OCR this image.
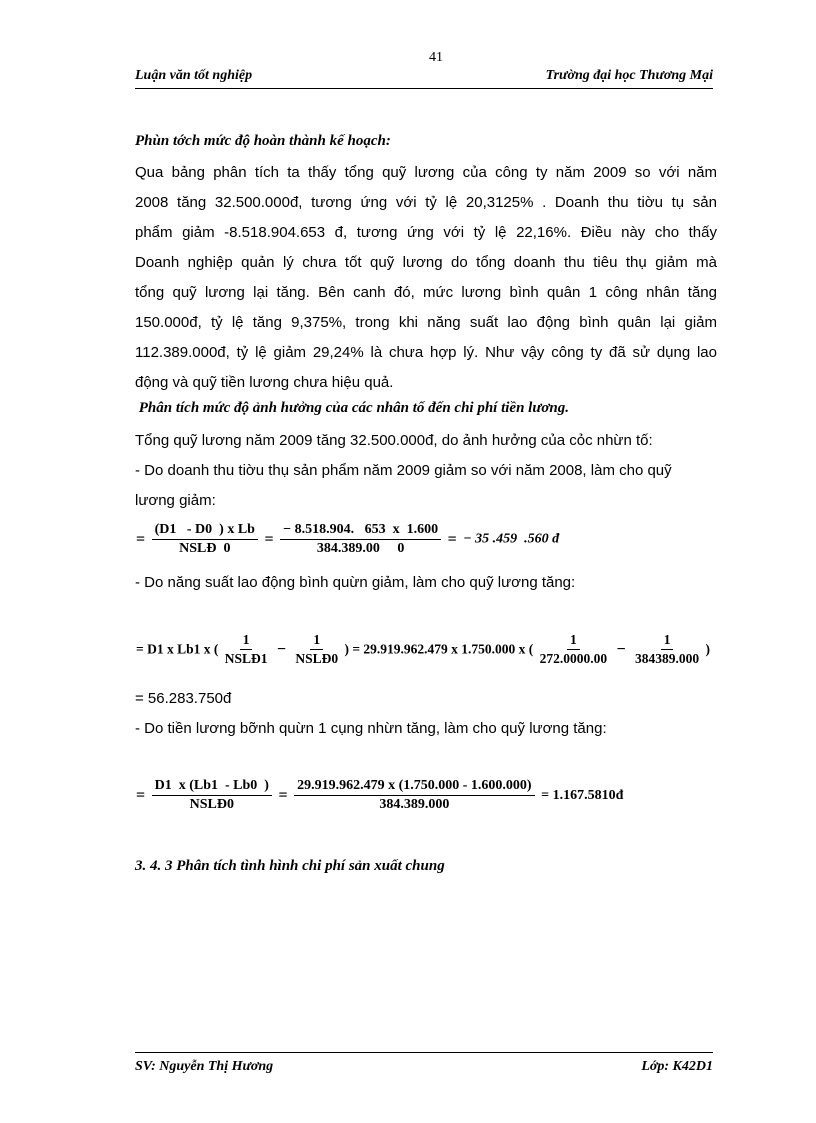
41
Luận văn tốt nghiệp	Trường đại học Thương Mại
Phùn tớch mức độ hoàn thành kế hoạch:
Qua bảng phân tích ta thấy tổng quỹ lương của công ty năm 2009 so với năm
2008 tăng 32.500.000đ, tương ứng với tỷ lệ 20,3125% . Doanh thu tiờu tụ sản
phẩm giảm -8.518.904.653 đ, tương ứng với tỷ lệ 22,16%. Điều này cho thấy
Doanh nghiệp quản lý chưa tốt quỹ lương do tổng doanh thu tiêu thụ giảm mà
tổng quỹ lương lại tăng. Bên canh đó, mức lương bình quân 1 công nhân tăng
150.000đ, tỷ lệ tăng 9,375%, trong khi năng suất lao động bình quân lại giảm
112.389.000đ, tỷ lệ giảm 29,24% là chưa hợp lý. Như vậy công ty đã sử dụng lao
động và quỹ tiền lương chưa hiệu quả.
Phân tích mức độ ảnh hưởng của các nhân tố đến chi phí tiền lương.
Tổng quỹ lương năm 2009 tăng 32.500.000đ, do ảnh hưởng của cỏc nhừn tố:
- Do doanh thu tiờu thụ sản phẩm năm 2009 giảm so với năm 2008, làm cho quỹ
lương giảm:
= $\frac{\text{(D1   - D0  ) x Lb}}{\text{NSLĐ  0}} = \frac{- 8.518.904. 653 x 1.600}{384.389.00 0}$ = − 35 .459  .560 đ
- Do năng suất lao động bình quừn giảm, làm cho quỹ lương tăng:
= D1 x Lb1 x ( $\frac{1}{\text{NSLĐ1}} - \frac{1}{\text{NSLĐ0}}$ ) = 29.919.962.479 x 1.750.000 x ( $\frac{1}{272.0000.00} - \frac{1}{384389.000}$ )
= 56.283.750đ
- Do tiền lương bỡnh quừn 1 cụng nhừn tăng, làm cho quỹ lương tăng:
= $\frac{D1 x (Lb1 - Lb0 )}{\text{NSLĐ0}} = \frac{29.919.962.479 x (1.750.000 - 1.600.000)}{384.389.000}$ = 1.167.5810đ
3. 4. 3 Phân tích tình hình chi phí sản xuất chung
SV: Nguyễn Thị Hương	Lớp: K42D1
